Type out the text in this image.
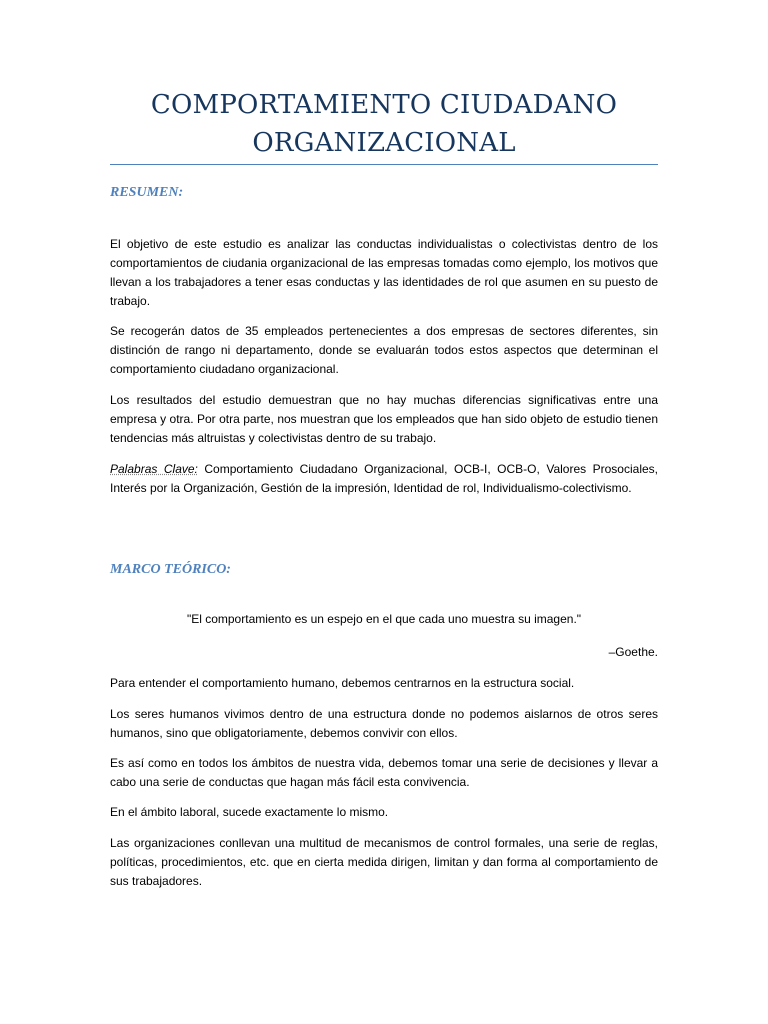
COMPORTAMIENTO CIUDADANO
ORGANIZACIONAL
RESUMEN:

El objetivo de este estudio es analizar las conductas individualistas o colectivistas dentro de los comportamientos de ciudania organizacional de las empresas tomadas como ejemplo, los motivos que llevan a los trabajadores a tener esas conductas y las identidades de rol que asumen en su puesto de trabajo.

Se recogerán datos de 35 empleados pertenecientes a dos empresas de sectores diferentes, sin distinción de rango ni departamento, donde se evaluarán todos estos aspectos que determinan el comportamiento ciudadano organizacional.

Los resultados del estudio demuestran que no hay muchas diferencias significativas entre una empresa y otra. Por otra parte, nos muestran que los empleados que han sido objeto de estudio tienen tendencias más altruistas y colectivistas dentro de su trabajo.

Palabras Clave: Comportamiento Ciudadano Organizacional, OCB-I, OCB-O, Valores Prosociales, Interés por la Organización, Gestión de la impresión, Identidad de rol, Individualismo-colectivismo.

MARCO TEÓRICO:

"El comportamiento es un espejo en el que cada uno muestra su imagen."

–Goethe.

Para entender el comportamiento humano, debemos centrarnos en la estructura social.

Los seres humanos vivimos dentro de una estructura donde no podemos aislarnos de otros seres humanos, sino que obligatoriamente, debemos convivir con ellos.

Es así como en todos los ámbitos de nuestra vida, debemos tomar una serie de decisiones y llevar a cabo una serie de conductas que hagan más fácil esta convivencia.

En el ámbito laboral, sucede exactamente lo mismo.

Las organizaciones conllevan una multitud de mecanismos de control formales, una serie de reglas, políticas, procedimientos, etc. que en cierta medida dirigen, limitan y dan forma al comportamiento de sus trabajadores.
